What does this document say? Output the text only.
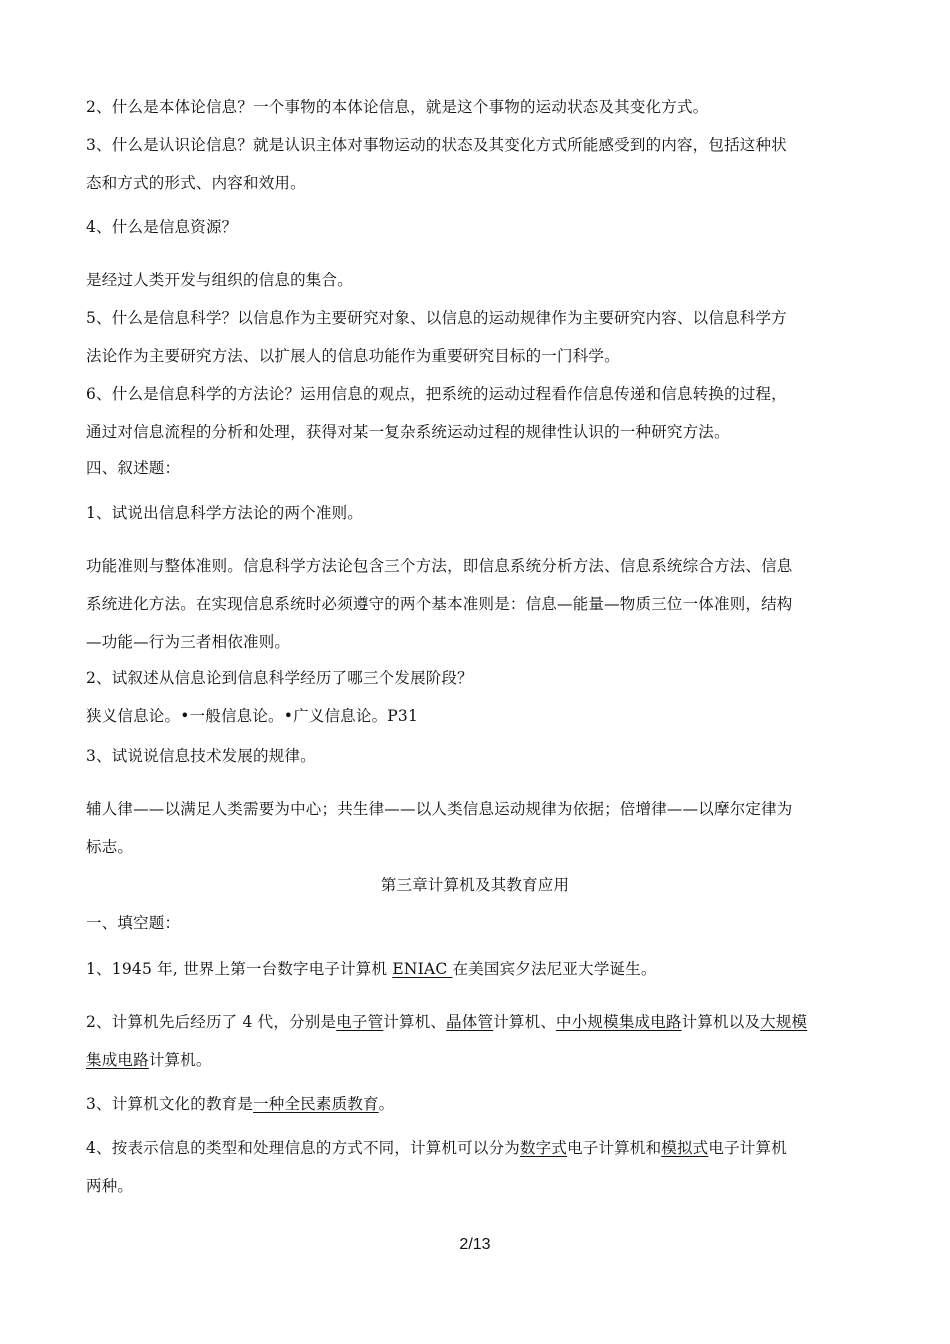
2、什么是本体论信息？一个事物的本体论信息，就是这个事物的运动状态及其变化方式。
3、什么是认识论信息？就是认识主体对事物运动的状态及其变化方式所能感受到的内容，包括这种状
态和方式的形式、内容和效用。
4、什么是信息资源？
是经过人类开发与组织的信息的集合。
5、什么是信息科学？以信息作为主要研究对象、以信息的运动规律作为主要研究内容、以信息科学方
法论作为主要研究方法、以扩展人的信息功能作为重要研究目标的一门科学。
6、什么是信息科学的方法论？运用信息的观点，把系统的运动过程看作信息传递和信息转换的过程，
通过对信息流程的分析和处理，获得对某一复杂系统运动过程的规律性认识的一种研究方法。
四、叙述题：
1、试说出信息科学方法论的两个准则。
功能准则与整体准则。信息科学方法论包含三个方法，即信息系统分析方法、信息系统综合方法、信息
系统进化方法。在实现信息系统时必须遵守的两个基本准则是：信息—能量—物质三位一体准则，结构
—功能—行为三者相依准则。
2、试叙述从信息论到信息科学经历了哪三个发展阶段？
狭义信息论。•一般信息论。•广义信息论。P31
3、试说说信息技术发展的规律。
辅人律——以满足人类需要为中心；共生律——以人类信息运动规律为依据；倍增律——以摩尔定律为
标志。
第三章计算机及其教育应用
一、填空题：
1、1945 年, 世界上第一台数字电子计算机 ENIAC 在美国宾夕法尼亚大学诞生。
2、计算机先后经历了 4 代，分别是电子管计算机、晶体管计算机、中小规模集成电路计算机以及大规模
集成电路计算机。
3、计算机文化的教育是一种全民素质教育。
4、按表示信息的类型和处理信息的方式不同，计算机可以分为数字式电子计算机和模拟式电子计算机
两种。
2/13
